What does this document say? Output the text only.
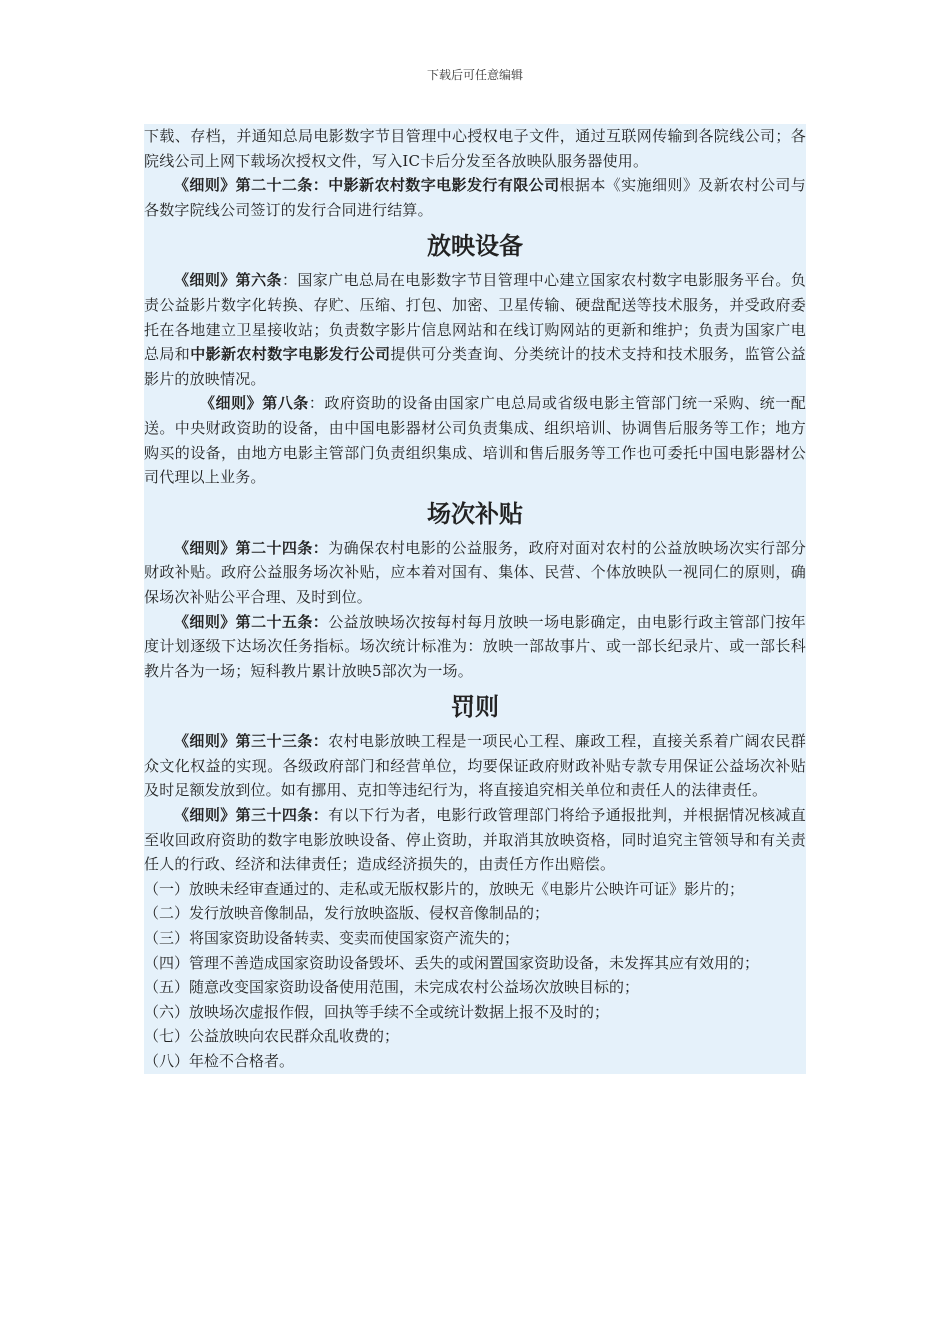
下载后可任意编辑

下载、存档，并通知总局电影数字节目管理中心授权电子文件，通过互联网传输到各院线公司；各院线公司上网下载场次授权文件，写入IC卡后分发至各放映队服务器使用。

《细则》第二十二条：中影新农村数字电影发行有限公司根据本《实施细则》及新农村公司与各数字院线公司签订的发行合同进行结算。

放映设备

《细则》第六条：国家广电总局在电影数字节目管理中心建立国家农村数字电影服务平台。负责公益影片数字化转换、存贮、压缩、打包、加密、卫星传输、硬盘配送等技术服务，并受政府委托在各地建立卫星接收站；负责数字影片信息网站和在线订购网站的更新和维护；负责为国家广电总局和中影新农村数字电影发行公司提供可分类查询、分类统计的技术支持和技术服务，监管公益影片的放映情况。

《细则》第八条：政府资助的设备由国家广电总局或省级电影主管部门统一采购、统一配送。中央财政资助的设备，由中国电影器材公司负责集成、组织培训、协调售后服务等工作；地方购买的设备，由地方电影主管部门负责组织集成、培训和售后服务等工作也可委托中国电影器材公司代理以上业务。

场次补贴

《细则》第二十四条：为确保农村电影的公益服务，政府对面对农村的公益放映场次实行部分财政补贴。政府公益服务场次补贴，应本着对国有、集体、民营、个体放映队一视同仁的原则，确保场次补贴公平合理、及时到位。

《细则》第二十五条：公益放映场次按每村每月放映一场电影确定，由电影行政主管部门按年度计划逐级下达场次任务指标。场次统计标准为：放映一部故事片、或一部长纪录片、或一部长科教片各为一场；短科教片累计放映5部次为一场。

罚则

《细则》第三十三条：农村电影放映工程是一项民心工程、廉政工程，直接关系着广阔农民群众文化权益的实现。各级政府部门和经营单位，均要保证政府财政补贴专款专用保证公益场次补贴及时足额发放到位。如有挪用、克扣等违纪行为，将直接追究相关单位和责任人的法律责任。

《细则》第三十四条：有以下行为者，电影行政管理部门将给予通报批判，并根据情况核减直至收回政府资助的数字电影放映设备、停止资助，并取消其放映资格，同时追究主管领导和有关责任人的行政、经济和法律责任；造成经济损失的，由责任方作出赔偿。

（一）放映未经审查通过的、走私或无版权影片的，放映无《电影片公映许可证》影片的；

（二）发行放映音像制品，发行放映盗版、侵权音像制品的；

（三）将国家资助设备转卖、变卖而使国家资产流失的；

（四）管理不善造成国家资助设备毁坏、丢失的或闲置国家资助设备，未发挥其应有效用的；

（五）随意改变国家资助设备使用范围，未完成农村公益场次放映目标的；

（六）放映场次虚报作假，回执等手续不全或统计数据上报不及时的；

（七）公益放映向农民群众乱收费的；

（八）年检不合格者。
